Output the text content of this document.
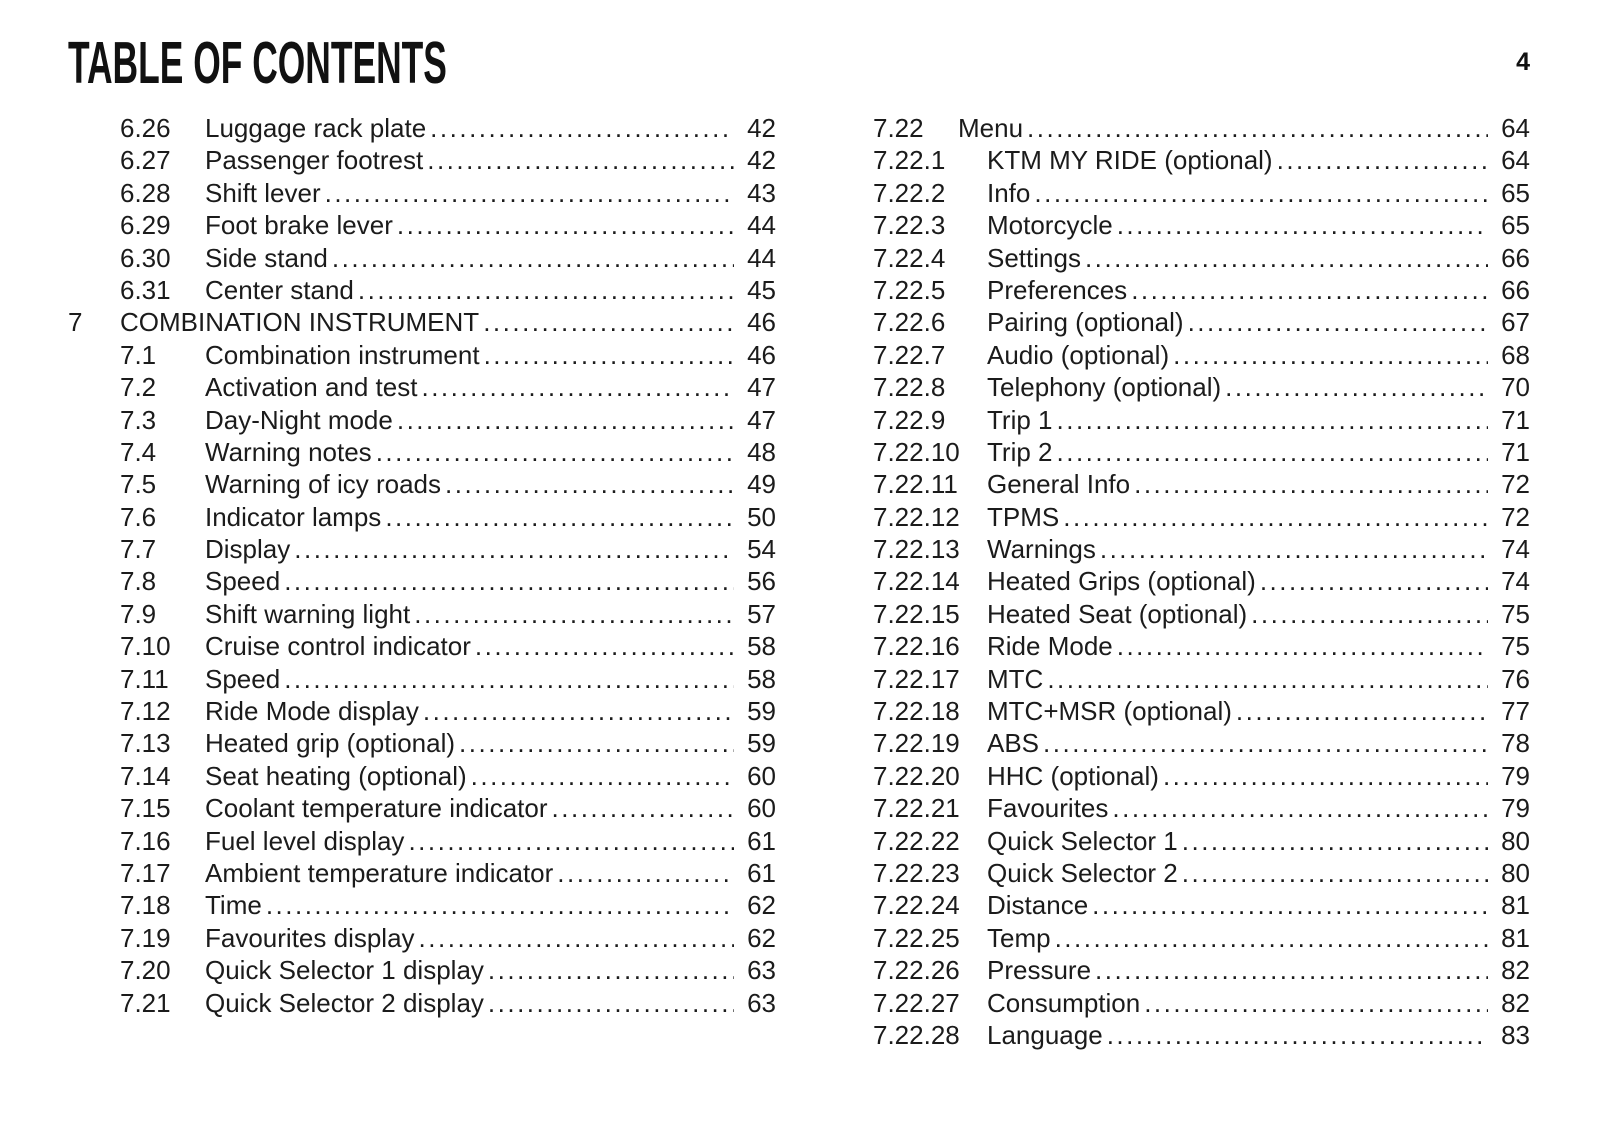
TABLE OF CONTENTS	4
6.26	Luggage rack plate .....	42
6.27	Passenger footrest .....	42
6.28	Shift lever .....	43
6.29	Foot brake lever .....	44
6.30	Side stand .....	44
6.31	Center stand .....	45
7	COMBINATION INSTRUMENT .....	46
7.1	Combination instrument .....	46
7.2	Activation and test .....	47
7.3	Day-Night mode .....	47
7.4	Warning notes .....	48
7.5	Warning of icy roads .....	49
7.6	Indicator lamps .....	50
7.7	Display .....	54
7.8	Speed .....	56
7.9	Shift warning light .....	57
7.10	Cruise control indicator .....	58
7.11	Speed .....	58
7.12	Ride Mode display .....	59
7.13	Heated grip (optional) .....	59
7.14	Seat heating (optional) .....	60
7.15	Coolant temperature indicator .....	60
7.16	Fuel level display .....	61
7.17	Ambient temperature indicator .....	61
7.18	Time .....	62
7.19	Favourites display .....	62
7.20	Quick Selector 1 display .....	63
7.21	Quick Selector 2 display .....	63
7.22	Menu .....	64
7.22.1	KTM MY RIDE (optional) .....	64
7.22.2	Info .....	65
7.22.3	Motorcycle .....	65
7.22.4	Settings .....	66
7.22.5	Preferences .....	66
7.22.6	Pairing (optional) .....	67
7.22.7	Audio (optional) .....	68
7.22.8	Telephony (optional) .....	70
7.22.9	Trip 1 .....	71
7.22.10	Trip 2 .....	71
7.22.11	General Info .....	72
7.22.12	TPMS .....	72
7.22.13	Warnings .....	74
7.22.14	Heated Grips (optional) .....	74
7.22.15	Heated Seat (optional) .....	75
7.22.16	Ride Mode .....	75
7.22.17	MTC .....	76
7.22.18	MTC+MSR (optional) .....	77
7.22.19	ABS .....	78
7.22.20	HHC (optional) .....	79
7.22.21	Favourites .....	79
7.22.22	Quick Selector 1 .....	80
7.22.23	Quick Selector 2 .....	80
7.22.24	Distance .....	81
7.22.25	Temp .....	81
7.22.26	Pressure .....	82
7.22.27	Consumption .....	82
7.22.28	Language .....	83
